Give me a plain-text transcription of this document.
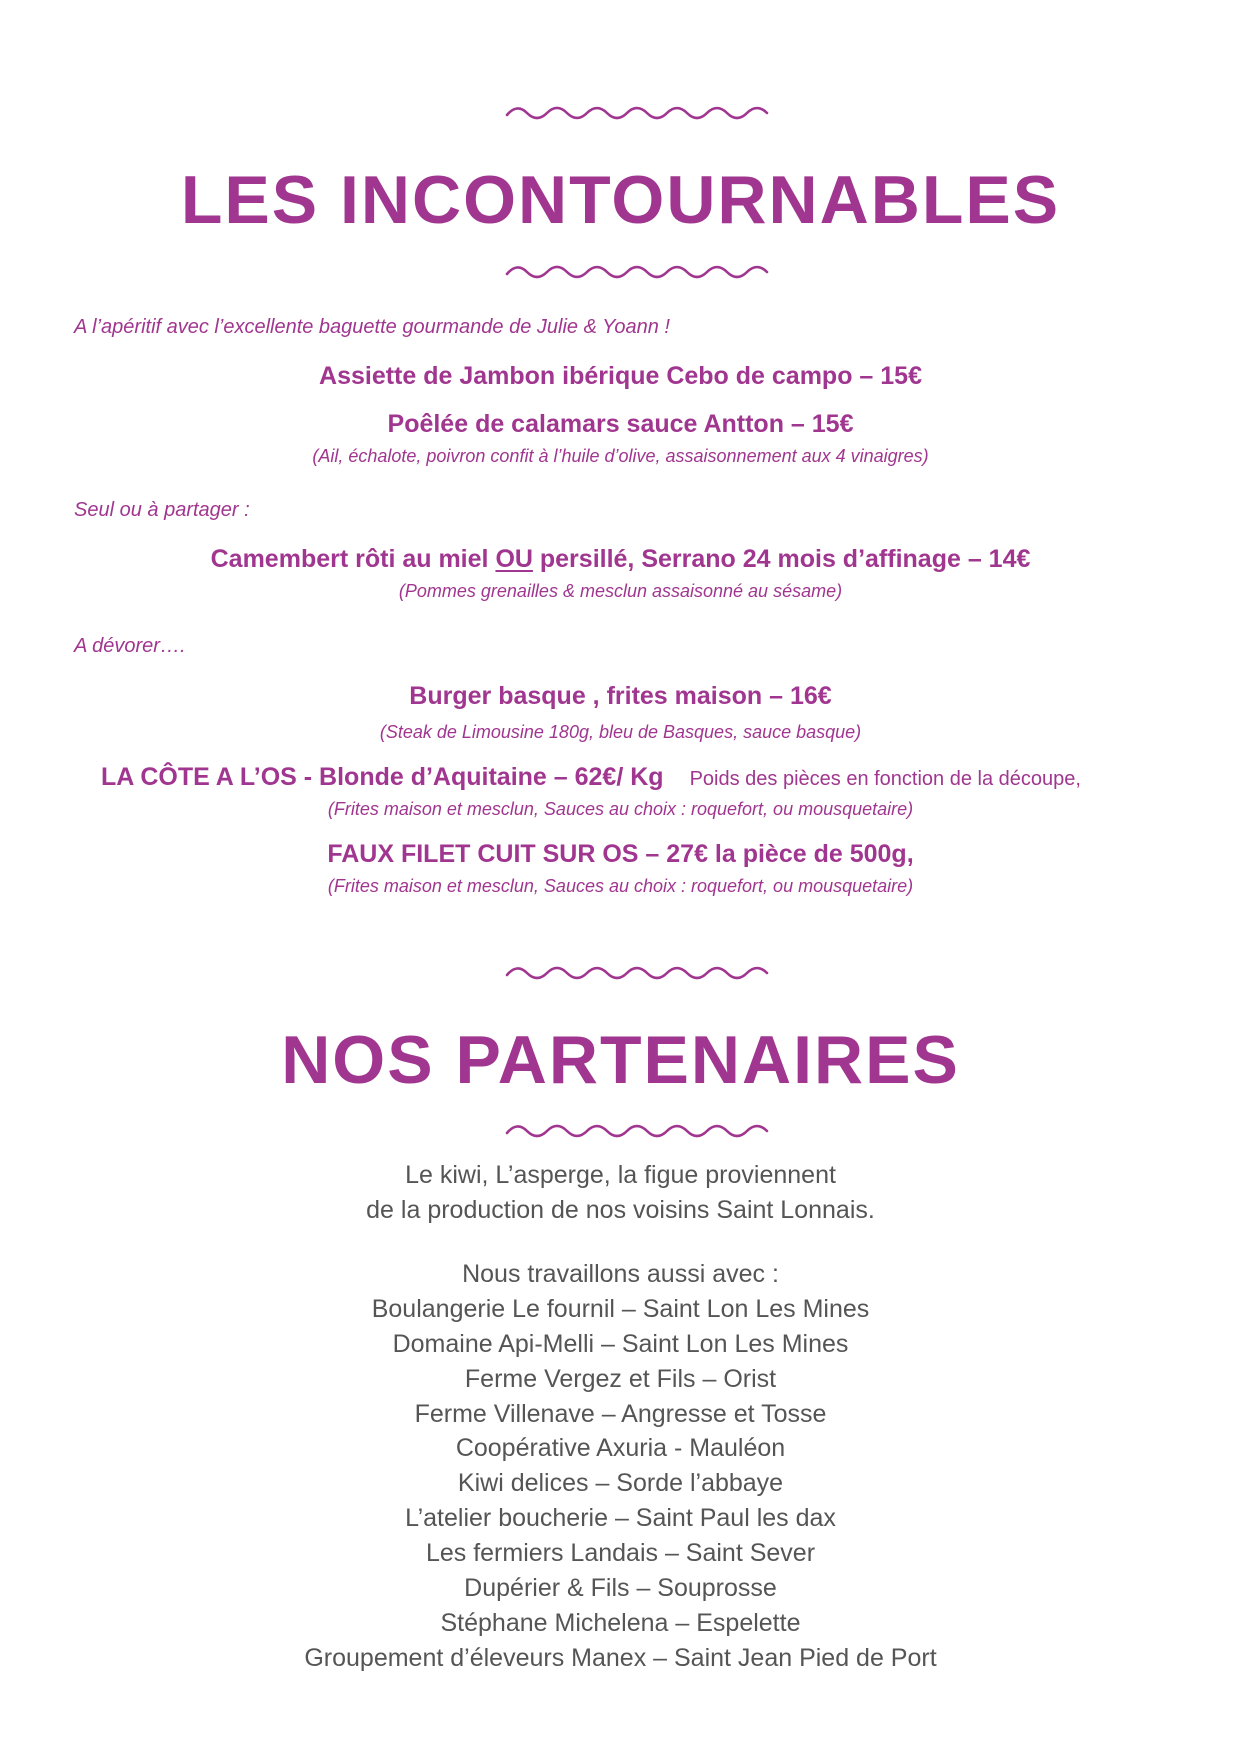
LES INCONTOURNABLES
A l’apéritif avec l’excellente baguette gourmande de Julie & Yoann !
Assiette de Jambon ibérique Cebo de campo – 15€
Poêlée de calamars sauce Antton – 15€
(Ail, échalote, poivron confit à l’huile d’olive, assaisonnement aux 4 vinaigres)
Seul ou à partager :
Camembert rôti au miel OU persillé, Serrano 24 mois d’affinage – 14€
(Pommes grenailles & mesclun assaisonné au sésame)
A dévorer….
Burger basque , frites maison – 16€
(Steak de Limousine 180g, bleu de Basques, sauce basque)
LA CÔTE A L’OS - Blonde d’Aquitaine – 62€/ Kg Poids des pièces en fonction de la découpe,
(Frites maison et mesclun, Sauces au choix : roquefort, ou mousquetaire)
FAUX FILET CUIT SUR OS – 27€ la pièce de 500g,
(Frites maison et mesclun, Sauces au choix : roquefort, ou mousquetaire)
NOS PARTENAIRES
Le kiwi, L’asperge, la figue proviennent
de la production de nos voisins Saint Lonnais.
Nous travaillons aussi avec :
Boulangerie Le fournil – Saint Lon Les Mines
Domaine Api-Melli – Saint Lon Les Mines
Ferme Vergez et Fils – Orist
Ferme Villenave – Angresse et Tosse
Coopérative Axuria - Mauléon
Kiwi delices – Sorde l’abbaye
L’atelier boucherie – Saint Paul les dax
Les fermiers Landais – Saint Sever
Dupérier & Fils – Souprosse
Stéphane Michelena – Espelette
Groupement d’éleveurs Manex – Saint Jean Pied de Port
